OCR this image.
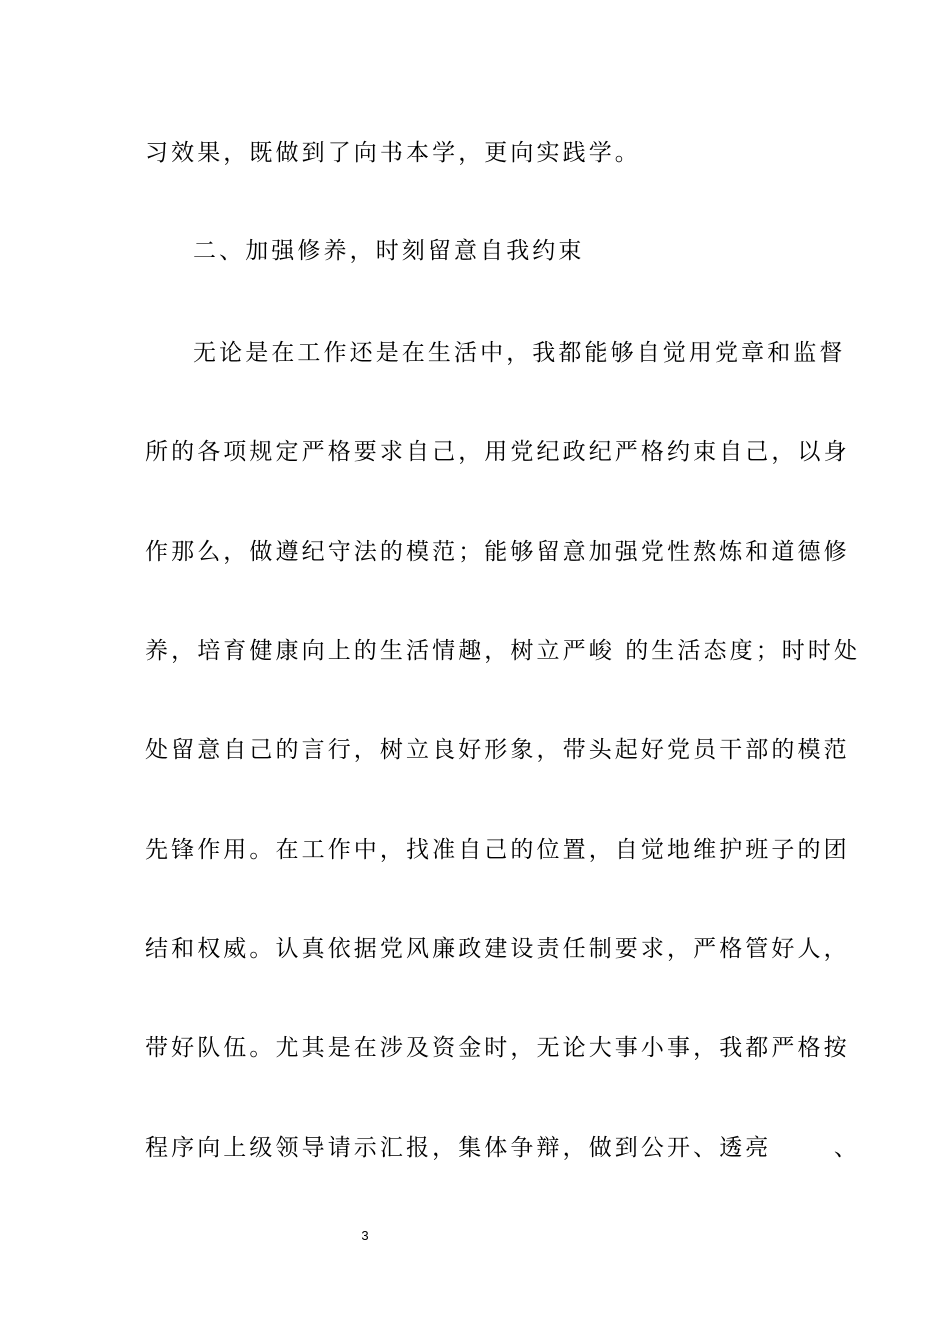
习效果，既做到了向书本学，更向实践学。
二、加强修养，时刻留意自我约束
无论是在工作还是在生活中，我都能够自觉用党章和监督
所的各项规定严格要求自己，用党纪政纪严格约束自己，以身
作那么，做遵纪守法的模范；能够留意加强党性熬炼和道德修
养，培育健康向上的生活情趣，树立严峻 的生活态度；时时处
处留意自己的言行，树立良好形象，带头起好党员干部的模范
先锋作用。在工作中，找准自己的位置，自觉地维护班子的团
结和权威。认真依据党风廉政建设责任制要求，严格管好人，
带好队伍。尤其是在涉及资金时，无论大事小事，我都严格按
程序向上级领导请示汇报，集体争辩，做到公开、透亮      、
3
